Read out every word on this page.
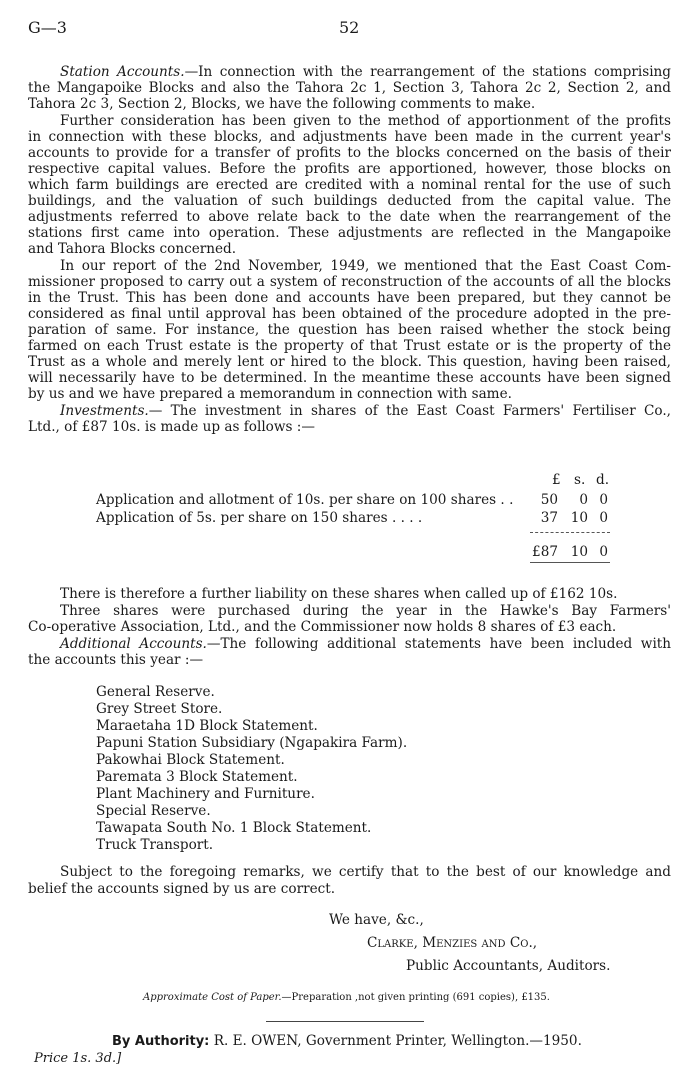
G—3	52
Station Accounts.—In connection with the rearrangement of the stations comprising
the Mangapoike Blocks and also the Tahora 2c 1, Section 3, Tahora 2c 2, Section 2, and
Tahora 2c 3, Section 2, Blocks, we have the following comments to make.
Further consideration has been given to the method of apportionment of the profits
in connection with these blocks, and adjustments have been made in the current year's
accounts to provide for a transfer of profits to the blocks concerned on the basis of their
respective capital values. Before the profits are apportioned, however, those blocks on
which farm buildings are erected are credited with a nominal rental for the use of such
buildings, and the valuation of such buildings deducted from the capital value. The
adjustments referred to above relate back to the date when the rearrangement of the
stations first came into operation. These adjustments are reflected in the Mangapoike
and Tahora Blocks concerned.
In our report of the 2nd November, 1949, we mentioned that the East Coast Com-
missioner proposed to carry out a system of reconstruction of the accounts of all the blocks
in the Trust. This has been done and accounts have been prepared, but they cannot be
considered as final until approval has been obtained of the procedure adopted in the pre-
paration of same. For instance, the question has been raised whether the stock being
farmed on each Trust estate is the property of that Trust estate or is the property of the
Trust as a whole and merely lent or hired to the block. This question, having been raised,
will necessarily have to be determined. In the meantime these accounts have been signed
by us and we have prepared a memorandum in connection with same.
Investments.— The investment in shares of the East Coast Farmers' Fertiliser Co.,
Ltd., of £87 10s. is made up as follows :—
£ s. d.
Application and allotment of 10s. per share on 100 shares . .	50	0 0
Application of 5s. per share on 150 shares . . . .	37 10 0
£87 10 0
There is therefore a further liability on these shares when called up of £162 10s.
Three shares were purchased during the year in the Hawke's Bay Farmers'
Co-operative Association, Ltd., and the Commissioner now holds 8 shares of £3 each.
Additional Accounts.—The following additional statements have been included with
the accounts this year :—
General Reserve.
Grey Street Store.
Maraetaha 1D Block Statement.
Papuni Station Subsidiary (Ngapakira Farm).
Pakowhai Block Statement.
Paremata 3 Block Statement.
Plant Machinery and Furniture.
Special Reserve.
Tawapata South No. 1 Block Statement.
Truck Transport.
Subject to the foregoing remarks, we certify that to the best of our knowledge and
belief the accounts signed by us are correct.
We have, &c.,
Clarke, Menzies and Co.,
Public Accountants, Auditors.
Approximate Cost of Paper.—Preparation ,not given printing (691 copies), £135.
By Authority: R. E. OWEN, Government Printer, Wellington.—1950.
Price 1s. 3d.]
